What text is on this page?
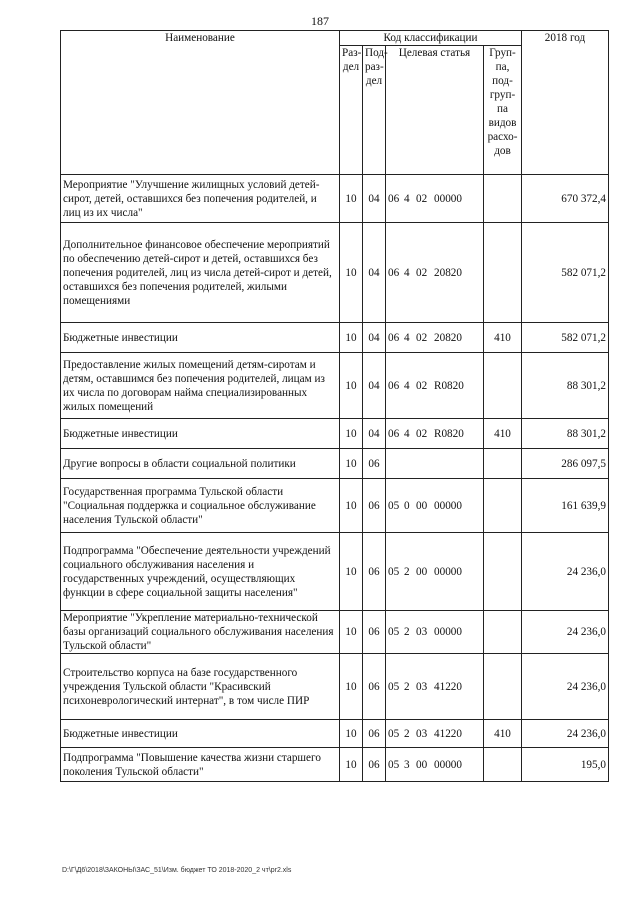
187
Наименование	Код классификации				2018 год
	Раз- дел	Под- раз- дел	Целевая статья	Груп- па, под- груп- па видов расхо- дов	
Мероприятие "Улучшение жилищных условий детей-сирот, детей, оставшихся без попечения родителей, и лиц из их числа"	10	04	06 4 02 00000		670 372,4
Дополнительное финансовое обеспечение мероприятий по обеспечению детей-сирот и детей, оставшихся без попечения родителей, лиц из числа детей-сирот и детей, оставшихся без попечения родителей, жилыми помещениями	10	04	06 4 02 20820		582 071,2
Бюджетные инвестиции	10	04	06 4 02 20820	410	582 071,2
Предоставление жилых помещений детям-сиротам и детям, оставшимся без попечения родителей, лицам из их числа по договорам найма специализированных жилых помещений	10	04	06 4 02 R0820		88 301,2
Бюджетные инвестиции	10	04	06 4 02 R0820	410	88 301,2
Другие вопросы в области социальной политики	10	06			286 097,5
Государственная программа Тульской области "Социальная поддержка и социальное обслуживание населения Тульской области"	10	06	05 0 00 00000		161 639,9
Подпрограмма "Обеспечение деятельности учреждений социального обслуживания населения и государственных учреждений, осуществляющих функции в сфере социальной защиты населения"	10	06	05 2 00 00000		24 236,0
Мероприятие "Укрепление материально-технической базы организаций социального обслуживания населения Тульской области"	10	06	05 2 03 00000		24 236,0
Строительство корпуса на базе государственного учреждения Тульской области "Красивский психоневрологический интернат", в том числе ПИР	10	06	05 2 03 41220		24 236,0
Бюджетные инвестиции	10	06	05 2 03 41220	410	24 236,0
Подпрограмма "Повышение качества жизни старшего поколения Тульской области"	10	06	05 3 00 00000		195,0
D:\Г\Д6\2018\ЗАКОНЫ\ЗАС_51\Изм. бюджет ТО 2018-2020_2 чт\pr2.xls
